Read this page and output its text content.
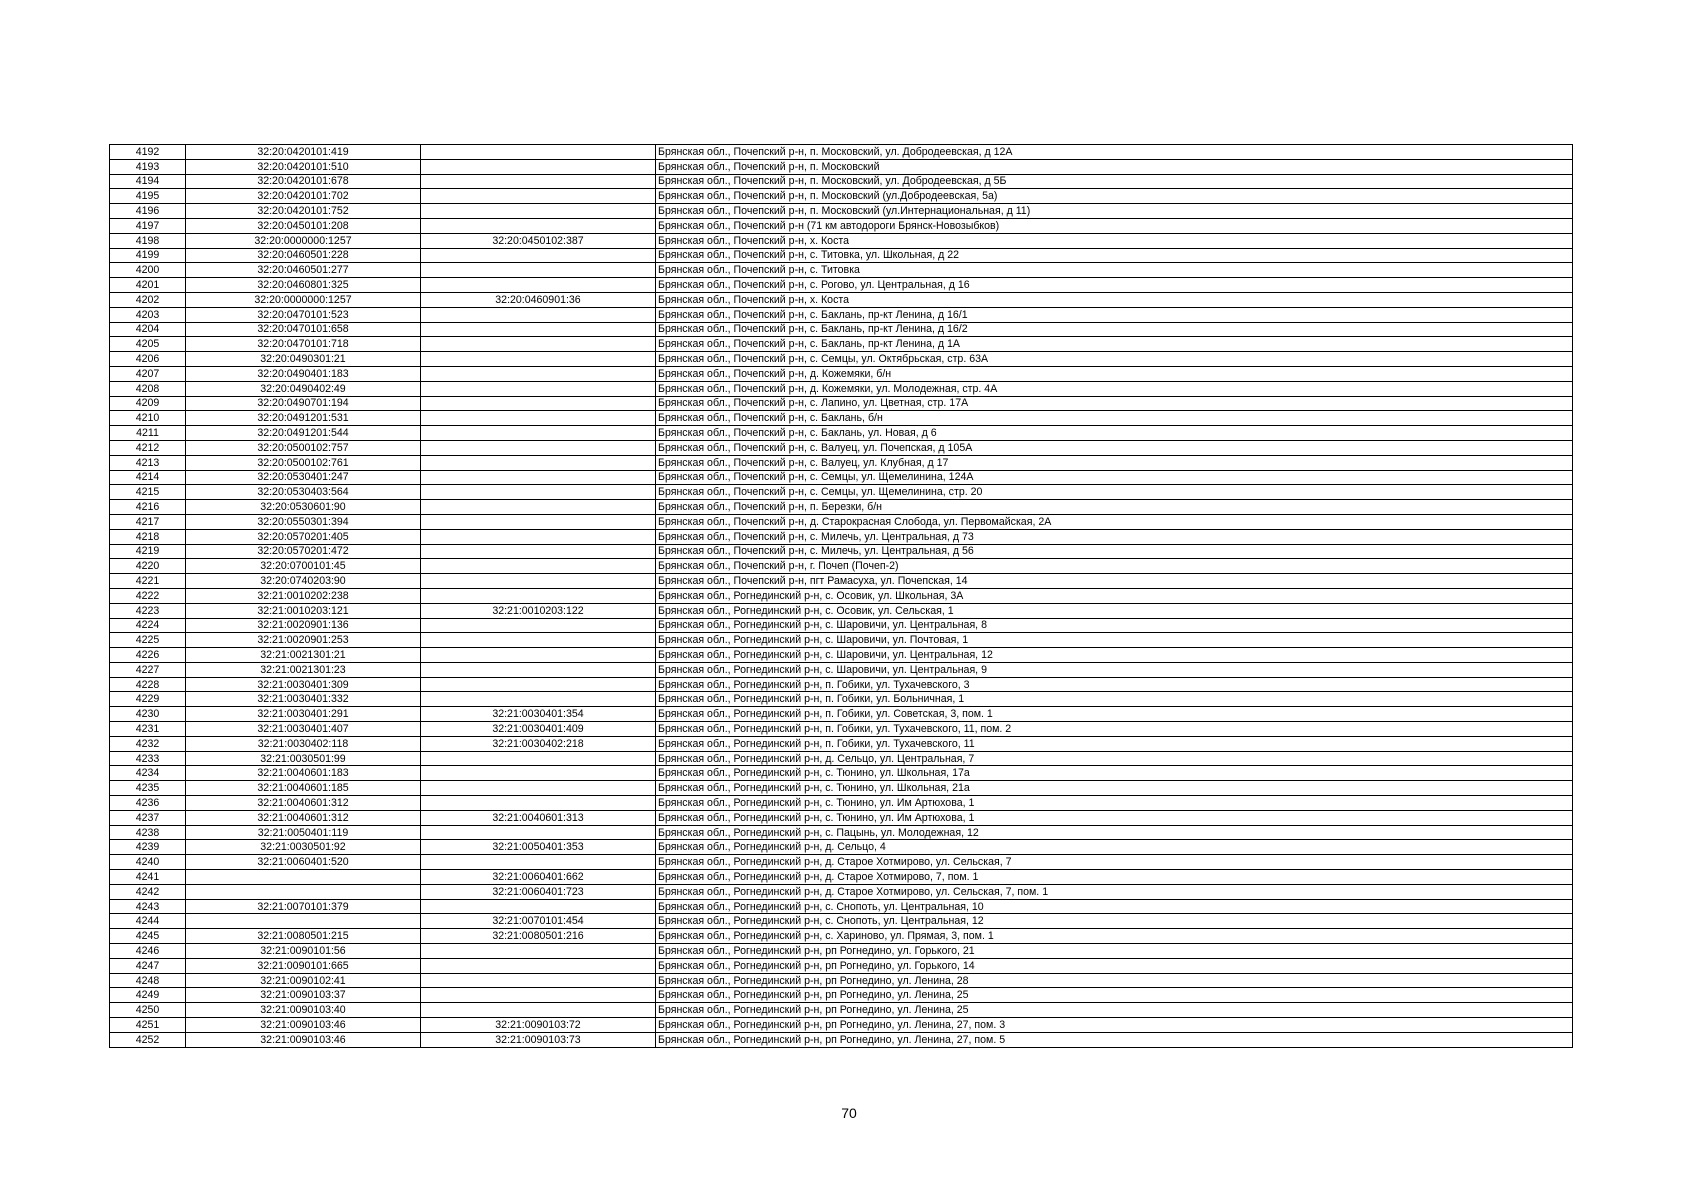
4192	32:20:0420101:419		Брянская обл., Почепский р-н, п. Московский, ул. Добродеевская, д 12А
4193	32:20:0420101:510		Брянская обл., Почепский р-н, п. Московский
4194	32:20:0420101:678		Брянская обл., Почепский р-н, п. Московский, ул. Добродеевская, д 5Б
4195	32:20:0420101:702		Брянская обл., Почепский р-н, п. Московский (ул.Добродеевская, 5а)
4196	32:20:0420101:752		Брянская обл., Почепский р-н, п. Московский (ул.Интернациональная, д 11)
4197	32:20:0450101:208		Брянская обл., Почепский р-н (71 км автодороги Брянск-Новозыбков)
4198	32:20:0000000:1257	32:20:0450102:387	Брянская обл., Почепский р-н, х. Коста
4199	32:20:0460501:228		Брянская обл., Почепский р-н, с. Титовка, ул. Школьная, д 22
4200	32:20:0460501:277		Брянская обл., Почепский р-н, с. Титовка
4201	32:20:0460801:325		Брянская обл., Почепский р-н, с. Рогово, ул. Центральная, д 16
4202	32:20:0000000:1257	32:20:0460901:36	Брянская обл., Почепский р-н, х. Коста
4203	32:20:0470101:523		Брянская обл., Почепский р-н, с. Баклань, пр-кт Ленина, д 16/1
4204	32:20:0470101:658		Брянская обл., Почепский р-н, с. Баклань, пр-кт Ленина, д 16/2
4205	32:20:0470101:718		Брянская обл., Почепский р-н, с. Баклань, пр-кт Ленина, д 1А
4206	32:20:0490301:21		Брянская обл., Почепский р-н, с. Семцы, ул. Октябрьская, стр. 63А
4207	32:20:0490401:183		Брянская обл., Почепский р-н, д. Кожемяки, б/н
4208	32:20:0490402:49		Брянская обл., Почепский р-н, д. Кожемяки, ул. Молодежная, стр. 4А
4209	32:20:0490701:194		Брянская обл., Почепский р-н, с. Лапино, ул. Цветная, стр. 17А
4210	32:20:0491201:531		Брянская обл., Почепский р-н, с. Баклань, б/н
4211	32:20:0491201:544		Брянская обл., Почепский р-н, с. Баклань, ул. Новая, д 6
4212	32:20:0500102:757		Брянская обл., Почепский р-н, с. Валуец, ул. Почепская, д 105А
4213	32:20:0500102:761		Брянская обл., Почепский р-н, с. Валуец, ул. Клубная, д 17
4214	32:20:0530401:247		Брянская обл., Почепский р-н, с. Семцы, ул. Щемелинина, 124А
4215	32:20:0530403:564		Брянская обл., Почепский р-н, с. Семцы, ул. Щемелинина, стр. 20
4216	32:20:0530601:90		Брянская обл., Почепский р-н, п. Березки, б/н
4217	32:20:0550301:394		Брянская обл., Почепский р-н, д. Старокрасная Слобода, ул. Первомайская, 2А
4218	32:20:0570201:405		Брянская обл., Почепский р-н, с. Милечь, ул. Центральная, д 73
4219	32:20:0570201:472		Брянская обл., Почепский р-н, с. Милечь, ул. Центральная, д 56
4220	32:20:0700101:45		Брянская обл., Почепский р-н, г. Почеп (Почеп-2)
4221	32:20:0740203:90		Брянская обл., Почепский р-н, пгт Рамасуха, ул. Почепская, 14
4222	32:21:0010202:238		Брянская обл., Рогнединский р-н, с. Осовик, ул. Школьная, 3А
4223	32:21:0010203:121	32:21:0010203:122	Брянская обл., Рогнединский р-н, с. Осовик, ул. Сельская, 1
4224	32:21:0020901:136		Брянская обл., Рогнединский р-н, с. Шаровичи, ул. Центральная, 8
4225	32:21:0020901:253		Брянская обл., Рогнединский р-н, с. Шаровичи, ул. Почтовая, 1
4226	32:21:0021301:21		Брянская обл., Рогнединский р-н, с. Шаровичи, ул. Центральная, 12
4227	32:21:0021301:23		Брянская обл., Рогнединский р-н, с. Шаровичи, ул. Центральная, 9
4228	32:21:0030401:309		Брянская обл., Рогнединский р-н, п. Гобики, ул. Тухачевского, 3
4229	32:21:0030401:332		Брянская обл., Рогнединский р-н, п. Гобики, ул. Больничная, 1
4230	32:21:0030401:291	32:21:0030401:354	Брянская обл., Рогнединский р-н, п. Гобики, ул. Советская, 3, пом. 1
4231	32:21:0030401:407	32:21:0030401:409	Брянская обл., Рогнединский р-н, п. Гобики, ул. Тухачевского, 11, пом. 2
4232	32:21:0030402:118	32:21:0030402:218	Брянская обл., Рогнединский р-н, п. Гобики, ул. Тухачевского, 11
4233	32:21:0030501:99		Брянская обл., Рогнединский р-н, д. Сельцо, ул. Центральная, 7
4234	32:21:0040601:183		Брянская обл., Рогнединский р-н, с. Тюнино, ул. Школьная, 17а
4235	32:21:0040601:185		Брянская обл., Рогнединский р-н, с. Тюнино, ул. Школьная, 21а
4236	32:21:0040601:312		Брянская обл., Рогнединский р-н, с. Тюнино, ул. Им Артюхова, 1
4237	32:21:0040601:312	32:21:0040601:313	Брянская обл., Рогнединский р-н, с. Тюнино, ул. Им Артюхова, 1
4238	32:21:0050401:119		Брянская обл., Рогнединский р-н, с. Пацынь, ул. Молодежная, 12
4239	32:21:0030501:92	32:21:0050401:353	Брянская обл., Рогнединский р-н, д. Сельцо, 4
4240	32:21:0060401:520		Брянская обл., Рогнединский р-н, д. Старое Хотмирово, ул. Сельская, 7
4241		32:21:0060401:662	Брянская обл., Рогнединский р-н, д. Старое Хотмирово, 7, пом. 1
4242		32:21:0060401:723	Брянская обл., Рогнединский р-н, д. Старое Хотмирово, ул. Сельская, 7, пом. 1
4243	32:21:0070101:379		Брянская обл., Рогнединский р-н, с. Снопоть, ул. Центральная, 10
4244		32:21:0070101:454	Брянская обл., Рогнединский р-н, с. Снопоть, ул. Центральная, 12
4245	32:21:0080501:215	32:21:0080501:216	Брянская обл., Рогнединский р-н, с. Хариново, ул. Прямая, 3, пом. 1
4246	32:21:0090101:56		Брянская обл., Рогнединский р-н, рп Рогнедино, ул. Горького, 21
4247	32:21:0090101:665		Брянская обл., Рогнединский р-н, рп Рогнедино, ул. Горького, 14
4248	32:21:0090102:41		Брянская обл., Рогнединский р-н, рп Рогнедино, ул. Ленина, 28
4249	32:21:0090103:37		Брянская обл., Рогнединский р-н, рп Рогнедино, ул. Ленина, 25
4250	32:21:0090103:40		Брянская обл., Рогнединский р-н, рп Рогнедино, ул. Ленина, 25
4251	32:21:0090103:46	32:21:0090103:72	Брянская обл., Рогнединский р-н, рп Рогнедино, ул. Ленина, 27, пом. 3
4252	32:21:0090103:46	32:21:0090103:73	Брянская обл., Рогнединский р-н, рп Рогнедино, ул. Ленина, 27, пом. 5
70
